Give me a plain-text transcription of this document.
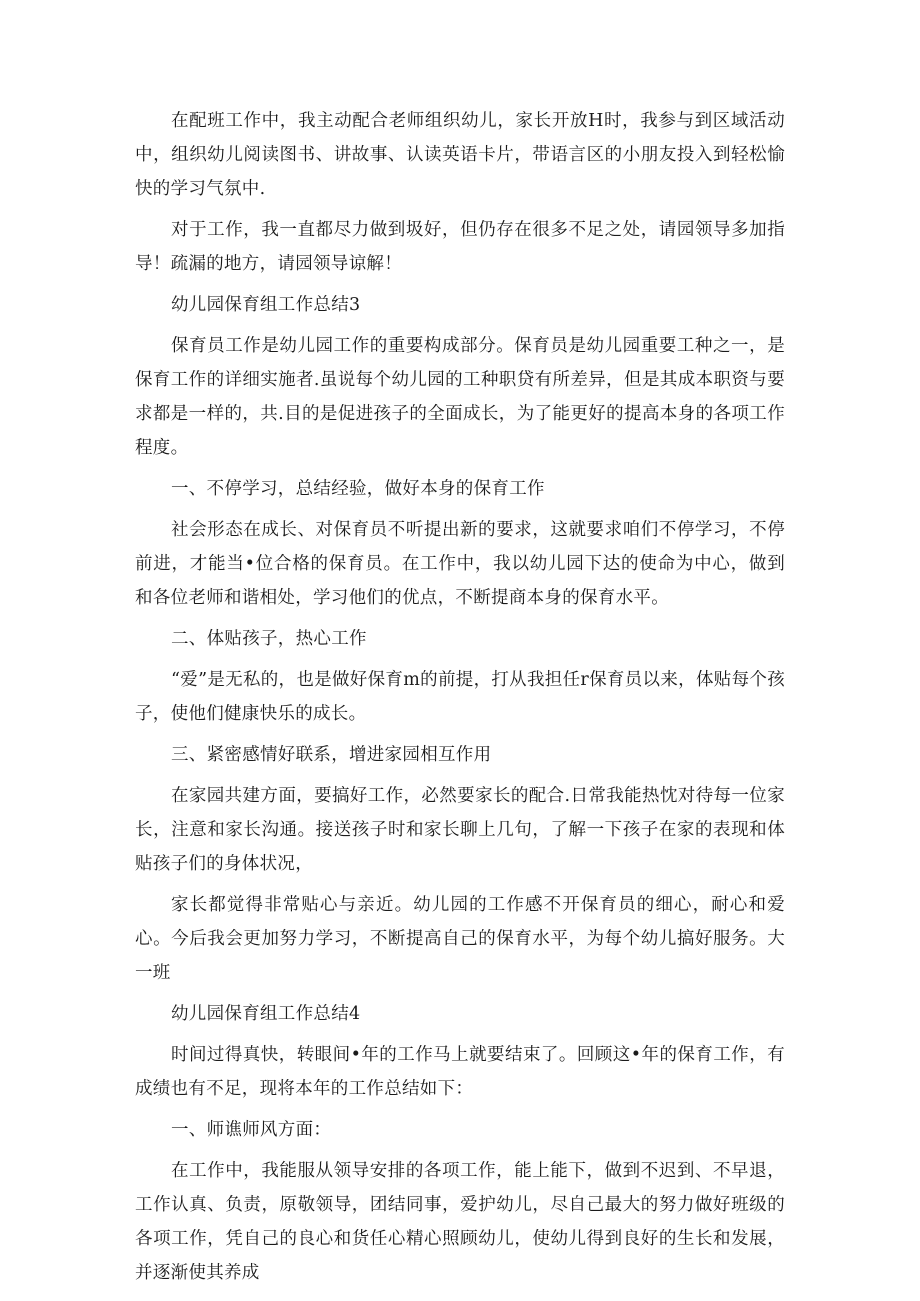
在配班工作中，我主动配合老师组织幼儿，家长开放H时，我参与到区域活动中，组织幼儿阅读图书、讲故事、认读英语卡片，带语言区的小朋友投入到轻松愉快的学习气氛中.

对于工作，我一直都尽力做到圾好，但仍存在很多不足之处，请园领导多加指导！疏漏的地方，请园领导谅解！

幼儿园保育组工作总结3

保育员工作是幼儿园工作的重要构成部分。保育员是幼儿园重要工种之一，是保育工作的详细实施者.虽说每个幼儿园的工种职贷有所差异，但是其成本职资与要求都是一样的，共.目的是促进孩子的全面成长，为了能更好的提高本身的各项工作程度。

一、不停学习，总结经验，做好本身的保育工作

社会形态在成长、对保育员不听提出新的要求，这就要求咱们不停学习，不停前进，才能当•位合格的保育员。在工作中，我以幼儿园下达的使命为中心，做到和各位老师和谐相处，学习他们的优点，不断提商本身的保育水平。

二、体贴孩子，热心工作

“爱”是无私的，也是做好保育m的前提，打从我担任r保育员以来，体贴每个孩子，使他们健康快乐的成长。

三、紧密感情好联系，增进家园相互作用

在家园共建方面，要搞好工作，必然要家长的配合.日常我能热忱对待每一位家长，注意和家长沟通。接送孩子时和家长聊上几句，了解一下孩子在家的表现和体贴孩子们的身体状况，

家长都觉得非常贴心与亲近。幼儿园的工作感不开保育员的细心，耐心和爱心。今后我会更加努力学习，不断提高自己的保育水平，为每个幼儿搞好服务。大一班

幼儿园保育组工作总结4

时间过得真快，转眼间•年的工作马上就要结束了。回顾这•年的保育工作，有成绩也有不足，现将本年的工作总结如下：

一、师谯师风方面：

在工作中，我能服从领导安排的各项工作，能上能下，做到不迟到、不早退，工作认真、负责，原敬领导，团结同事，爱护幼儿，尽自己最大的努力做好班级的各项工作，凭自己的良心和货任心精心照顾幼儿，使幼儿得到良好的生长和发展，并逐渐使其养成
